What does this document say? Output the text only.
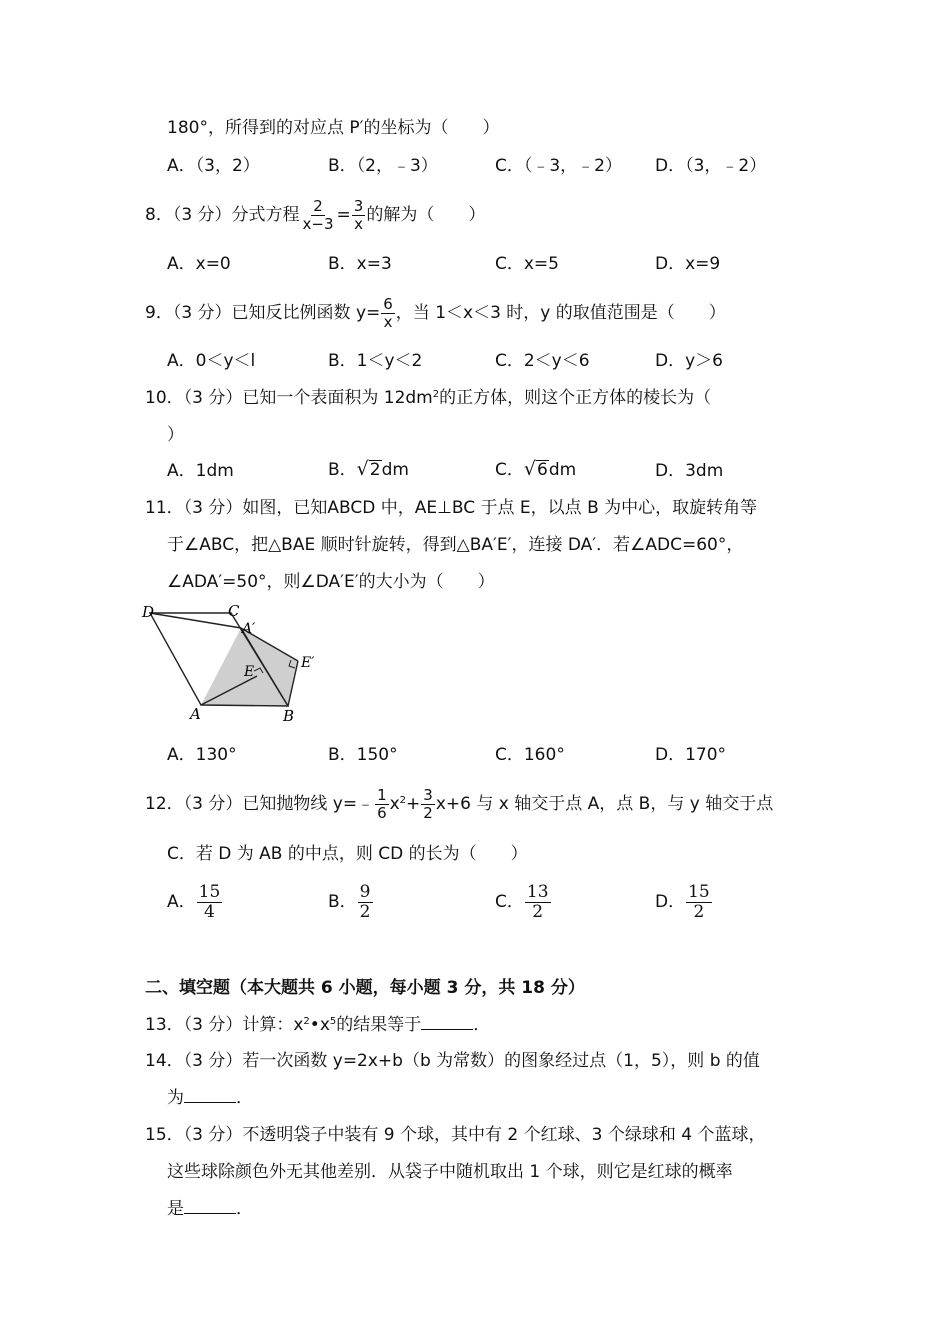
180°，所得到的对应点 P′的坐标为（　　）
A．（3，2）	B．（2，﹣3）	C．（﹣3，﹣2） D．（3，﹣2）
8．（3 分）分式方程 $\frac{2}{x-3} = \frac{3}{x}$ 的解为（　　）
A．x=0	B．x=3	C．x=5	D．x=9
9．（3 分）已知反比例函数 $y= \frac{6}{x}$ ，当 1＜x＜3 时，y 的取值范围是（　　）
A．0＜y＜l	B．1＜y＜2	C．2＜y＜6	D．y＞6
10．（3 分）已知一个表面积为 $12dm^2$的正方体，则这个正方体的棱长为（
）
A．1dm	B． √ 2 dm	C． √ 6 dm	D．3dm
11．（3 分）如图，已知ABCD 中，AE⊥BC 于点 E，以点 B 为中心，取旋转角等
于∠ABC，把△BAE 顺时针旋转，得到△BA′E′，连接 DA′．若∠ADC=60°，
∠ADA′=50°，则∠DA′E′的大小为（　　）
D	C
A′
E′
E
A	B
A．130°	B．150°	C．160°	D．170°
12．（3 分）已知抛物线 y=﹣ $\frac{1}{6} x^2+ \frac{3}{2} x+6$ 与 x 轴交于点 A，点 B，与 y 轴交于点
C．若 D 为 AB 的中点，则 CD 的长为（　　）
A． $\frac{15}{4}$	B． $\frac{9}{2}$	C． $\frac{13}{2}$	D． $\frac{15}{2}$
二、填空题（本大题共 6 小题，每小题 3 分，共 18 分）
13．（3 分）计算：$x^2•x^5$的结果等于	．
14．（3 分）若一次函数 y=2x+b（b 为常数）的图象经过点（1，5），则 b 的值
为	．
15．（3 分）不透明袋子中装有 9 个球，其中有 2 个红球、3 个绿球和 4 个蓝球，
这些球除颜色外无其他差别．从袋子中随机取出 1 个球，则它是红球的概率
是	．
